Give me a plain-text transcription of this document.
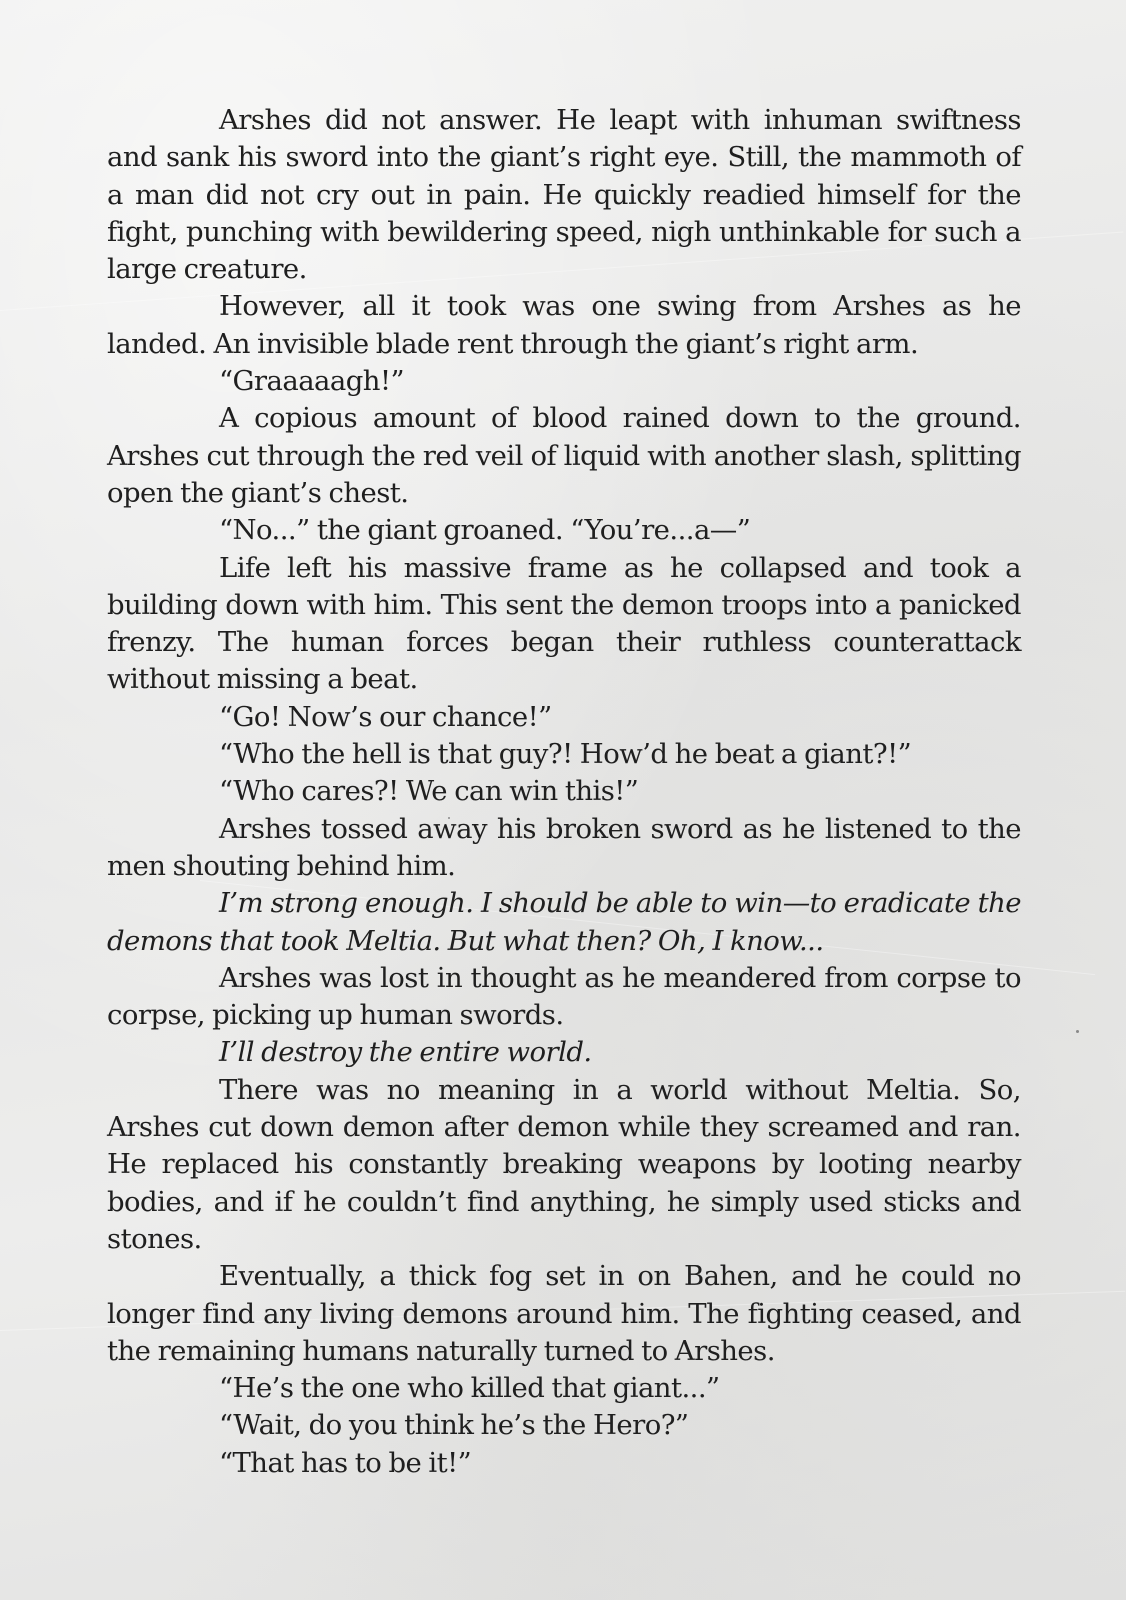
Arshes did not answer. He leapt with inhuman swiftness and sank his sword into the giant’s right eye. Still, the mammoth of a man did not cry out in pain. He quickly readied himself for the fight, punching with bewildering speed, nigh unthinkable for such a large creature.

However, all it took was one swing from Arshes as he landed. An invisible blade rent through the giant’s right arm.

“Graaaaagh!”

A copious amount of blood rained down to the ground. Arshes cut through the red veil of liquid with another slash, splitting open the giant’s chest.

“No...” the giant groaned. “You’re...a—”

Life left his massive frame as he collapsed and took a building down with him. This sent the demon troops into a panicked frenzy. The human forces began their ruthless counterattack without missing a beat.

“Go! Now’s our chance!”

“Who the hell is that guy?! How’d he beat a giant?!”

“Who cares?! We can win this!”

Arshes tossed away his broken sword as he listened to the men shouting behind him.

I’m strong enough. I should be able to win—to eradicate the demons that took Meltia. But what then? Oh, I know...

Arshes was lost in thought as he meandered from corpse to corpse, picking up human swords.

I’ll destroy the entire world.

There was no meaning in a world without Meltia. So, Arshes cut down demon after demon while they screamed and ran. He replaced his constantly breaking weapons by looting nearby bodies, and if he couldn’t find anything, he simply used sticks and stones.

Eventually, a thick fog set in on Bahen, and he could no longer find any living demons around him. The fighting ceased, and the remaining humans naturally turned to Arshes.

“He’s the one who killed that giant...”

“Wait, do you think he’s the Hero?”

“That has to be it!”
